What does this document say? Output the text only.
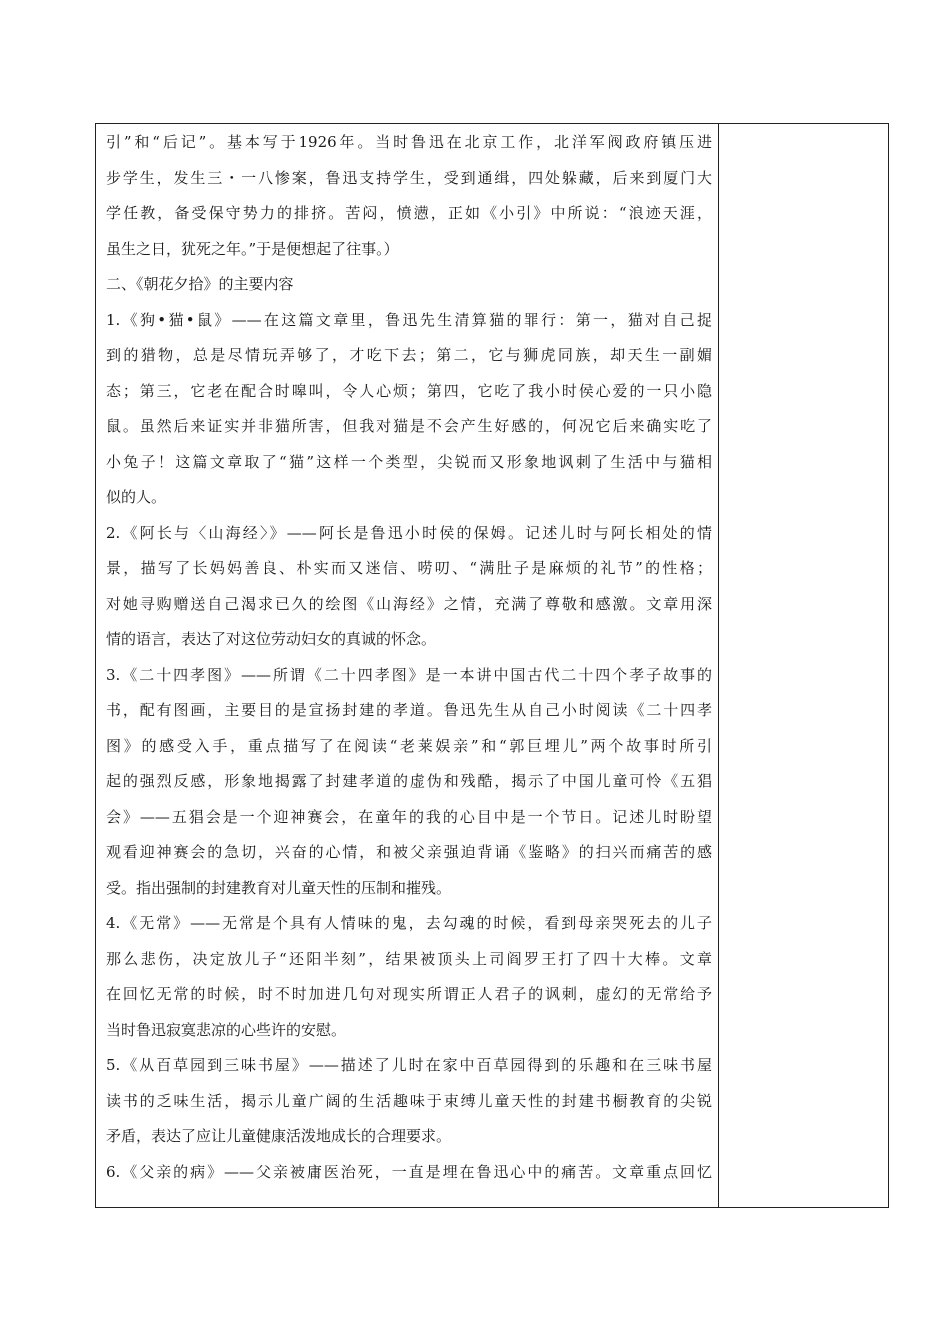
引”和“后记”。基本写于1926年。当时鲁迅在北京工作，北洋军阀政府镇压进
步学生，发生三・一八惨案，鲁迅支持学生，受到通缉，四处躲藏，后来到厦门大
学任教，备受保守势力的排挤。苦闷，愤懑，正如《小引》中所说：“浪迹天涯，
虽生之日，犹死之年。”于是便想起了往事。）
二、《朝花夕拾》的主要内容
1.《狗•猫•鼠》——在这篇文章里，鲁迅先生清算猫的罪行：第一，猫对自己捉
到的猎物，总是尽情玩弄够了，才吃下去；第二，它与狮虎同族，却天生一副媚
态；第三，它老在配合时嗥叫，令人心烦；第四，它吃了我小时侯心爱的一只小隐
鼠。虽然后来证实并非猫所害，但我对猫是不会产生好感的，何况它后来确实吃了
小兔子！这篇文章取了“猫”这样一个类型，尖锐而又形象地讽刺了生活中与猫相
似的人。
2.《阿长与〈山海经〉》——阿长是鲁迅小时侯的保姆。记述儿时与阿长相处的情
景，描写了长妈妈善良、朴实而又迷信、唠叨、“满肚子是麻烦的礼节”的性格；
对她寻购赠送自己渴求已久的绘图《山海经》之情，充满了尊敬和感激。文章用深
情的语言，表达了对这位劳动妇女的真诚的怀念。
3.《二十四孝图》——所谓《二十四孝图》是一本讲中国古代二十四个孝子故事的
书，配有图画，主要目的是宣扬封建的孝道。鲁迅先生从自己小时阅读《二十四孝
图》的感受入手，重点描写了在阅读“老莱娱亲”和“郭巨埋儿”两个故事时所引
起的强烈反感，形象地揭露了封建孝道的虚伪和残酷，揭示了中国儿童可怜《五猖
会》——五猖会是一个迎神赛会，在童年的我的心目中是一个节日。记述儿时盼望
观看迎神赛会的急切，兴奋的心情，和被父亲强迫背诵《鉴略》的扫兴而痛苦的感
受。指出强制的封建教育对儿童天性的压制和摧残。
4.《无常》——无常是个具有人情味的鬼，去勾魂的时候，看到母亲哭死去的儿子
那么悲伤，决定放儿子“还阳半刻”，结果被顶头上司阎罗王打了四十大棒。文章
在回忆无常的时候，时不时加进几句对现实所谓正人君子的讽刺，虚幻的无常给予
当时鲁迅寂寞悲凉的心些许的安慰。
5.《从百草园到三味书屋》——描述了儿时在家中百草园得到的乐趣和在三味书屋
读书的乏味生活，揭示儿童广阔的生活趣味于束缚儿童天性的封建书橱教育的尖锐
矛盾，表达了应让儿童健康活泼地成长的合理要求。
6.《父亲的病》——父亲被庸医治死，一直是埋在鲁迅心中的痛苦。文章重点回忆
